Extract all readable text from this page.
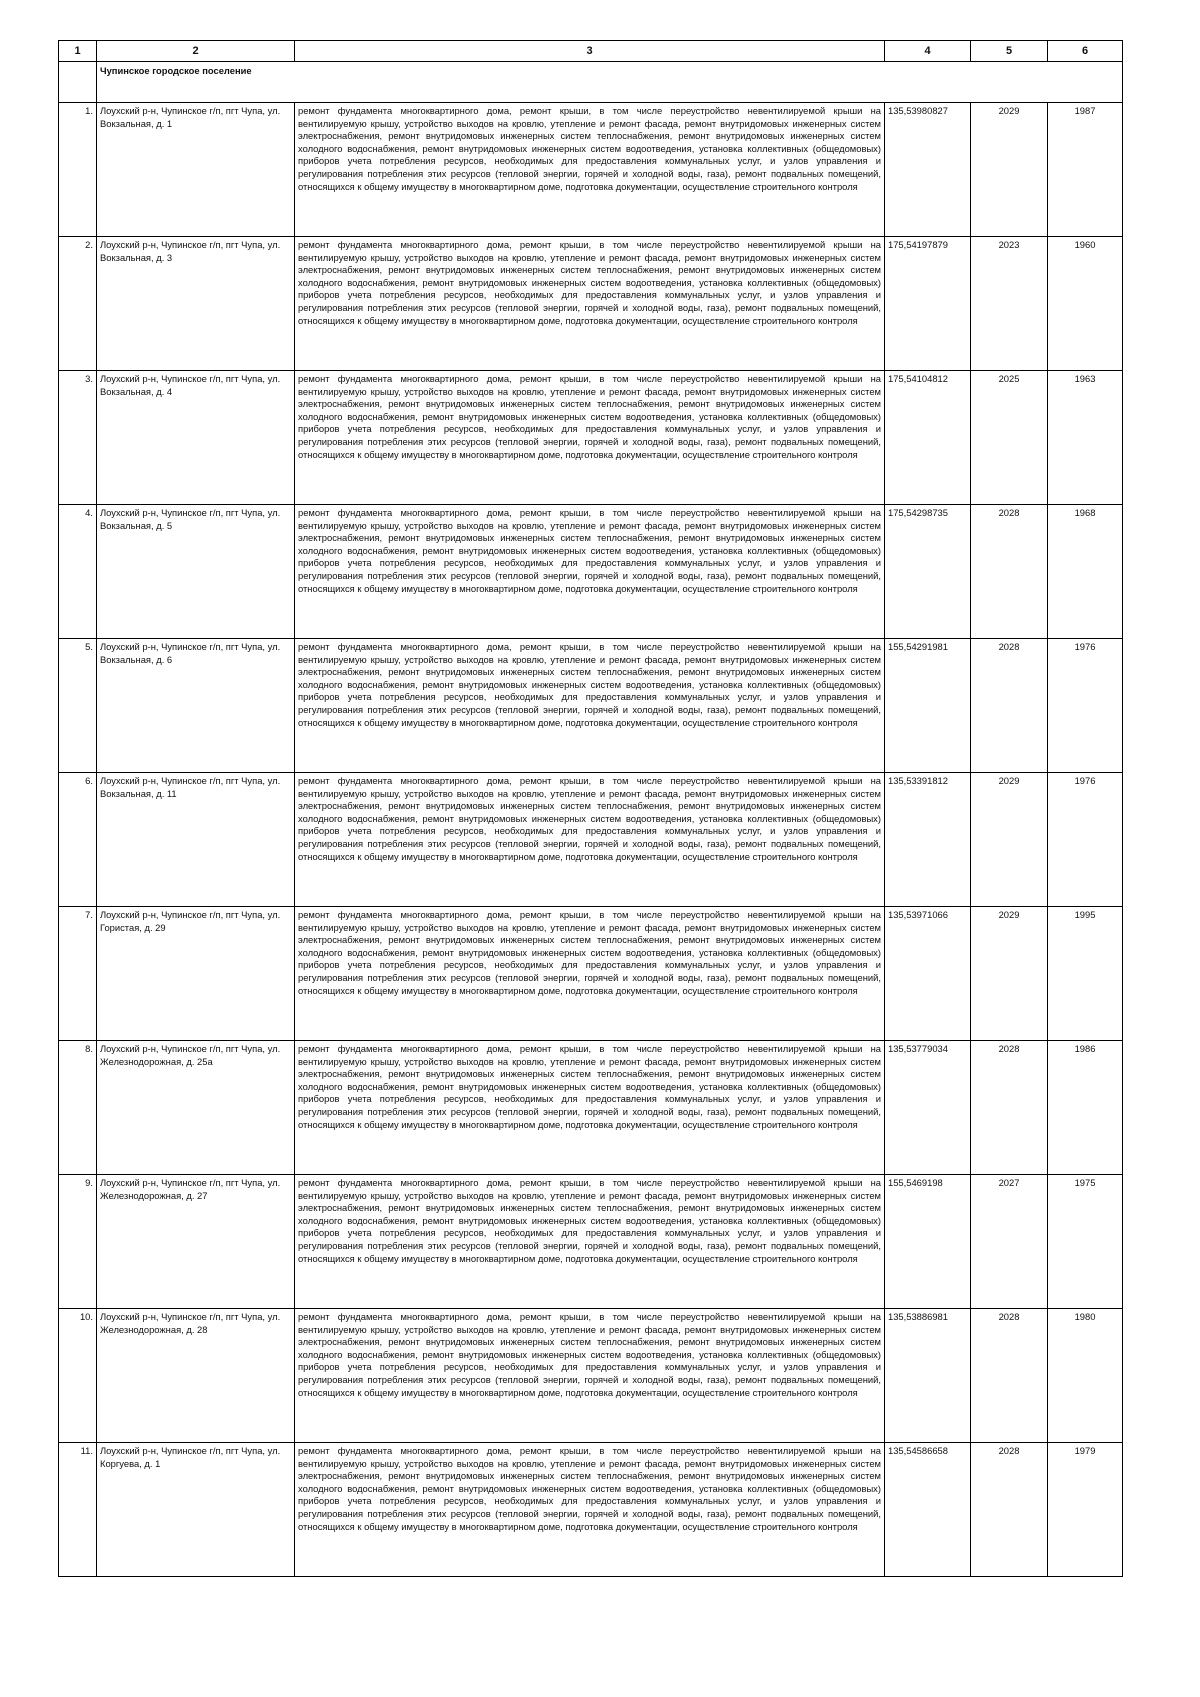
1	2	3	4	5	6
	Чупинское городское поселение				
1.	Лоухский р-н, Чупинское г/п, пгт Чупа, ул. Вокзальная, д. 1	ремонт фундамента многоквартирного дома, ремонт крыши, в том числе переустройство невентилируемой крыши на вентилируемую крышу, устройство выходов на кровлю, утепление и ремонт фасада, ремонт внутридомовых инженерных систем электроснабжения, ремонт внутридомовых инженерных систем теплоснабжения, ремонт внутридомовых инженерных систем холодного водоснабжения, ремонт внутридомовых инженерных систем водоотведения, установка коллективных (общедомовых) приборов учета потребления ресурсов, необходимых для предоставления коммунальных услуг, и узлов управления и регулирования потребления этих ресурсов (тепловой энергии, горячей и холодной воды, газа), ремонт подвальных помещений, относящихся к общему имуществу в многоквартирном доме, подготовка документации, осуществление строительного контроля	135,53980827	2029	1987
2.	Лоухский р-н, Чупинское г/п, пгт Чупа, ул. Вокзальная, д. 3	ремонт фундамента многоквартирного дома, ремонт крыши, в том числе переустройство невентилируемой крыши на вентилируемую крышу, устройство выходов на кровлю, утепление и ремонт фасада, ремонт внутридомовых инженерных систем электроснабжения, ремонт внутридомовых инженерных систем теплоснабжения, ремонт внутридомовых инженерных систем холодного водоснабжения, ремонт внутридомовых инженерных систем водоотведения, установка коллективных (общедомовых) приборов учета потребления ресурсов, необходимых для предоставления коммунальных услуг, и узлов управления и регулирования потребления этих ресурсов (тепловой энергии, горячей и холодной воды, газа), ремонт подвальных помещений, относящихся к общему имуществу в многоквартирном доме, подготовка документации, осуществление строительного контроля	175,54197879	2023	1960
3.	Лоухский р-н, Чупинское г/п, пгт Чупа, ул. Вокзальная, д. 4	ремонт фундамента многоквартирного дома, ремонт крыши, в том числе переустройство невентилируемой крыши на вентилируемую крышу, устройство выходов на кровлю, утепление и ремонт фасада, ремонт внутридомовых инженерных систем электроснабжения, ремонт внутридомовых инженерных систем теплоснабжения, ремонт внутридомовых инженерных систем холодного водоснабжения, ремонт внутридомовых инженерных систем водоотведения, установка коллективных (общедомовых) приборов учета потребления ресурсов, необходимых для предоставления коммунальных услуг, и узлов управления и регулирования потребления этих ресурсов (тепловой энергии, горячей и холодной воды, газа), ремонт подвальных помещений, относящихся к общему имуществу в многоквартирном доме, подготовка документации, осуществление строительного контроля	175,54104812	2025	1963
4.	Лоухский р-н, Чупинское г/п, пгт Чупа, ул. Вокзальная, д. 5	ремонт фундамента многоквартирного дома, ремонт крыши, в том числе переустройство невентилируемой крыши на вентилируемую крышу, устройство выходов на кровлю, утепление и ремонт фасада, ремонт внутридомовых инженерных систем электроснабжения, ремонт внутридомовых инженерных систем теплоснабжения, ремонт внутридомовых инженерных систем холодного водоснабжения, ремонт внутридомовых инженерных систем водоотведения, установка коллективных (общедомовых) приборов учета потребления ресурсов, необходимых для предоставления коммунальных услуг, и узлов управления и регулирования потребления этих ресурсов (тепловой энергии, горячей и холодной воды, газа), ремонт подвальных помещений, относящихся к общему имуществу в многоквартирном доме, подготовка документации, осуществление строительного контроля	175,54298735	2028	1968
5.	Лоухский р-н, Чупинское г/п, пгт Чупа, ул. Вокзальная, д. 6	ремонт фундамента многоквартирного дома, ремонт крыши, в том числе переустройство невентилируемой крыши на вентилируемую крышу, устройство выходов на кровлю, утепление и ремонт фасада, ремонт внутридомовых инженерных систем электроснабжения, ремонт внутридомовых инженерных систем теплоснабжения, ремонт внутридомовых инженерных систем холодного водоснабжения, ремонт внутридомовых инженерных систем водоотведения, установка коллективных (общедомовых) приборов учета потребления ресурсов, необходимых для предоставления коммунальных услуг, и узлов управления и регулирования потребления этих ресурсов (тепловой энергии, горячей и холодной воды, газа), ремонт подвальных помещений, относящихся к общему имуществу в многоквартирном доме, подготовка документации, осуществление строительного контроля	155,54291981	2028	1976
6.	Лоухский р-н, Чупинское г/п, пгт Чупа, ул. Вокзальная, д. 11	ремонт фундамента многоквартирного дома, ремонт крыши, в том числе переустройство невентилируемой крыши на вентилируемую крышу, устройство выходов на кровлю, утепление и ремонт фасада, ремонт внутридомовых инженерных систем электроснабжения, ремонт внутридомовых инженерных систем теплоснабжения, ремонт внутридомовых инженерных систем холодного водоснабжения, ремонт внутридомовых инженерных систем водоотведения, установка коллективных (общедомовых) приборов учета потребления ресурсов, необходимых для предоставления коммунальных услуг, и узлов управления и регулирования потребления этих ресурсов (тепловой энергии, горячей и холодной воды, газа), ремонт подвальных помещений, относящихся к общему имуществу в многоквартирном доме, подготовка документации, осуществление строительного контроля	135,53391812	2029	1976
7.	Лоухский р-н, Чупинское г/п, пгт Чупа, ул. Гористая, д. 29	ремонт фундамента многоквартирного дома, ремонт крыши, в том числе переустройство невентилируемой крыши на вентилируемую крышу, устройство выходов на кровлю, утепление и ремонт фасада, ремонт внутридомовых инженерных систем электроснабжения, ремонт внутридомовых инженерных систем теплоснабжения, ремонт внутридомовых инженерных систем холодного водоснабжения, ремонт внутридомовых инженерных систем водоотведения, установка коллективных (общедомовых) приборов учета потребления ресурсов, необходимых для предоставления коммунальных услуг, и узлов управления и регулирования потребления этих ресурсов (тепловой энергии, горячей и холодной воды, газа), ремонт подвальных помещений, относящихся к общему имуществу в многоквартирном доме, подготовка документации, осуществление строительного контроля	135,53971066	2029	1995
8.	Лоухский р-н, Чупинское г/п, пгт Чупа, ул. Железнодорожная, д. 25а	ремонт фундамента многоквартирного дома, ремонт крыши, в том числе переустройство невентилируемой крыши на вентилируемую крышу, устройство выходов на кровлю, утепление и ремонт фасада, ремонт внутридомовых инженерных систем электроснабжения, ремонт внутридомовых инженерных систем теплоснабжения, ремонт внутридомовых инженерных систем холодного водоснабжения, ремонт внутридомовых инженерных систем водоотведения, установка коллективных (общедомовых) приборов учета потребления ресурсов, необходимых для предоставления коммунальных услуг, и узлов управления и регулирования потребления этих ресурсов (тепловой энергии, горячей и холодной воды, газа), ремонт подвальных помещений, относящихся к общему имуществу в многоквартирном доме, подготовка документации, осуществление строительного контроля	135,53779034	2028	1986
9.	Лоухский р-н, Чупинское г/п, пгт Чупа, ул. Железнодорожная, д. 27	ремонт фундамента многоквартирного дома, ремонт крыши, в том числе переустройство невентилируемой крыши на вентилируемую крышу, устройство выходов на кровлю, утепление и ремонт фасада, ремонт внутридомовых инженерных систем электроснабжения, ремонт внутридомовых инженерных систем теплоснабжения, ремонт внутридомовых инженерных систем холодного водоснабжения, ремонт внутридомовых инженерных систем водоотведения, установка коллективных (общедомовых) приборов учета потребления ресурсов, необходимых для предоставления коммунальных услуг, и узлов управления и регулирования потребления этих ресурсов (тепловой энергии, горячей и холодной воды, газа), ремонт подвальных помещений, относящихся к общему имуществу в многоквартирном доме, подготовка документации, осуществление строительного контроля	155,5469198	2027	1975
10.	Лоухский р-н, Чупинское г/п, пгт Чупа, ул. Железнодорожная, д. 28	ремонт фундамента многоквартирного дома, ремонт крыши, в том числе переустройство невентилируемой крыши на вентилируемую крышу, устройство выходов на кровлю, утепление и ремонт фасада, ремонт внутридомовых инженерных систем электроснабжения, ремонт внутридомовых инженерных систем теплоснабжения, ремонт внутридомовых инженерных систем холодного водоснабжения, ремонт внутридомовых инженерных систем водоотведения, установка коллективных (общедомовых) приборов учета потребления ресурсов, необходимых для предоставления коммунальных услуг, и узлов управления и регулирования потребления этих ресурсов (тепловой энергии, горячей и холодной воды, газа), ремонт подвальных помещений, относящихся к общему имуществу в многоквартирном доме, подготовка документации, осуществление строительного контроля	135,53886981	2028	1980
11.	Лоухский р-н, Чупинское г/п, пгт Чупа, ул. Коргуева, д. 1	ремонт фундамента многоквартирного дома, ремонт крыши, в том числе переустройство невентилируемой крыши на вентилируемую крышу, устройство выходов на кровлю, утепление и ремонт фасада, ремонт внутридомовых инженерных систем электроснабжения, ремонт внутридомовых инженерных систем теплоснабжения, ремонт внутридомовых инженерных систем холодного водоснабжения, ремонт внутридомовых инженерных систем водоотведения, установка коллективных (общедомовых) приборов учета потребления ресурсов, необходимых для предоставления коммунальных услуг, и узлов управления и регулирования потребления этих ресурсов (тепловой энергии, горячей и холодной воды, газа), ремонт подвальных помещений, относящихся к общему имуществу в многоквартирном доме, подготовка документации, осуществление строительного контроля	135,54586658	2028	1979
